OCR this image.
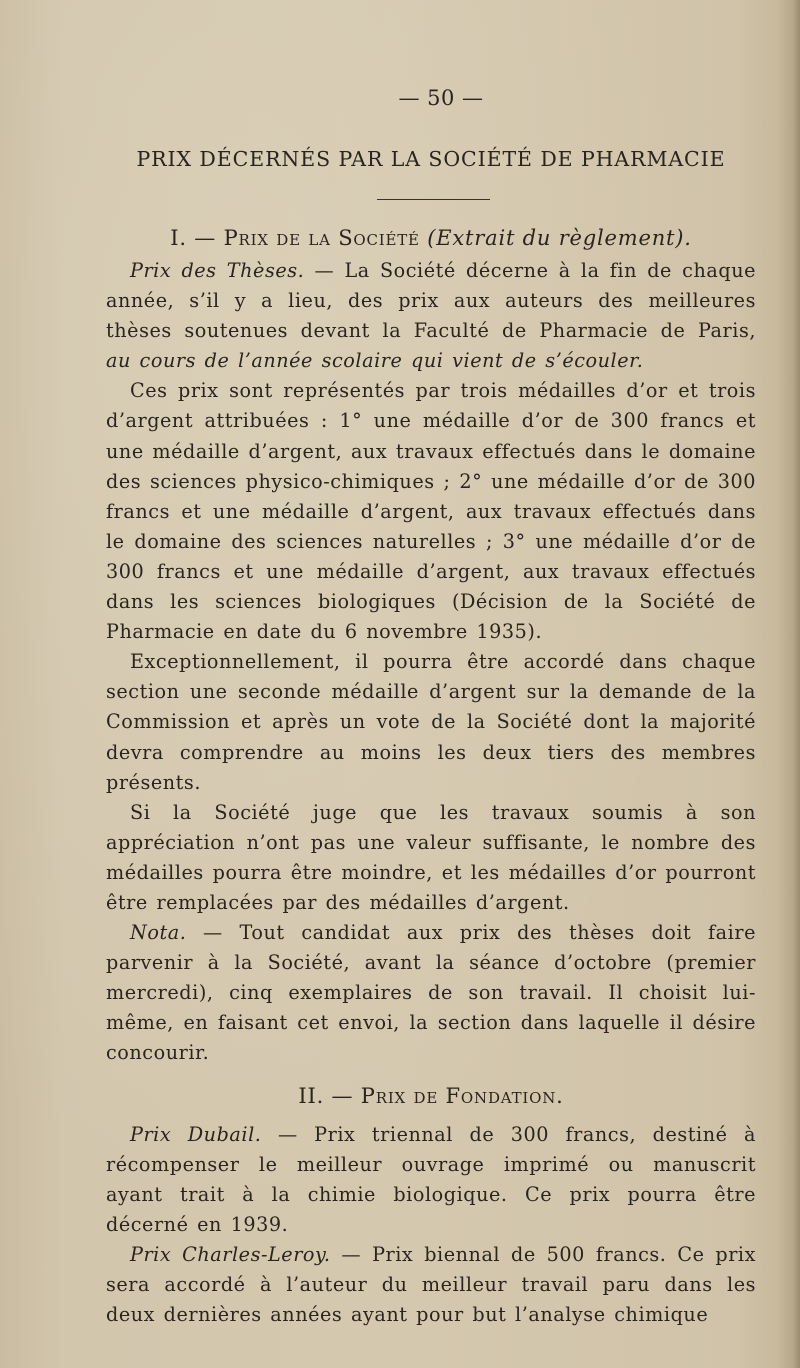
— 50 —
PRIX DÉCERNÉS PAR LA SOCIÉTÉ DE PHARMACIE
I. — Prix de la Société (Extrait du règlement).

Prix des Thèses. — La Société décerne à la fin de chaque année, s’il y a lieu, des prix aux auteurs des meilleures thèses soutenues devant la Faculté de Pharmacie de Paris, au cours de l’année scolaire qui vient de s’écouler.

Ces prix sont représentés par trois médailles d’or et trois d’argent attribuées : 1° une médaille d’or de 300 francs et une médaille d’argent, aux travaux effectués dans le domaine des sciences physico-chimiques ; 2° une médaille d’or de 300 francs et une médaille d’argent, aux travaux effectués dans le domaine des sciences naturelles ; 3° une médaille d’or de 300 francs et une médaille d’argent, aux travaux effectués dans les sciences biologiques (Décision de la Société de Pharmacie en date du 6 novembre 1935).

Exceptionnellement, il pourra être accordé dans chaque section une seconde médaille d’argent sur la demande de la Commission et après un vote de la Société dont la majorité devra comprendre au moins les deux tiers des membres présents.

Si la Société juge que les travaux soumis à son appréciation n’ont pas une valeur suffisante, le nombre des médailles pourra être moindre, et les médailles d’or pourront être remplacées par des médailles d’argent.

Nota. — Tout candidat aux prix des thèses doit faire parvenir à la Société, avant la séance d’octobre (premier mercredi), cinq exemplaires de son travail. Il choisit lui-même, en faisant cet envoi, la section dans laquelle il désire concourir.

II. — Prix de Fondation.

Prix Dubail. — Prix triennal de 300 francs, destiné à récompenser le meilleur ouvrage imprimé ou manuscrit ayant trait à la chimie biologique. Ce prix pourra être décerné en 1939.

Prix Charles-Leroy. — Prix biennal de 500 francs. Ce prix sera accordé à l’auteur du meilleur travail paru dans les deux dernières années ayant pour but l’analyse chimique
